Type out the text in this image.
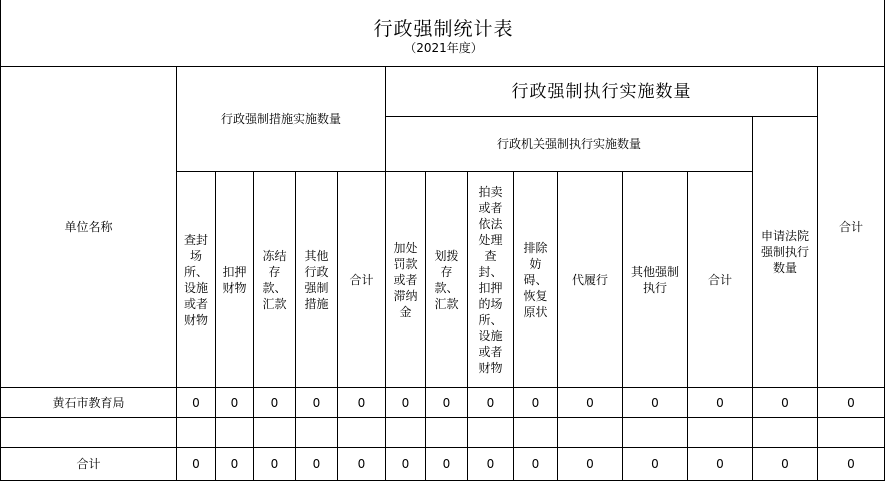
行政强制统计表
（2021年度）
单位名称	行政强制措施实施数量					行政强制执行实施数量								合计
						行政机关强制执行实施数量							申请法院强制执行数量	
	查封场所、设施或者财物	扣押财物	冻结存款、汇款	其他行政强制措施	合计	加处罚款或者滞纳金	划拨存款、汇款	拍卖或者依法处理查封、扣押的场所、设施或者财物	排除妨碍、恢复原状	代履行	其他强制执行	合计		
黄石市教育局	0	0	0	0	0	0	0	0	0	0	0	0	0	0

合计	0	0	0	0	0	0	0	0	0	0	0	0	0	0
